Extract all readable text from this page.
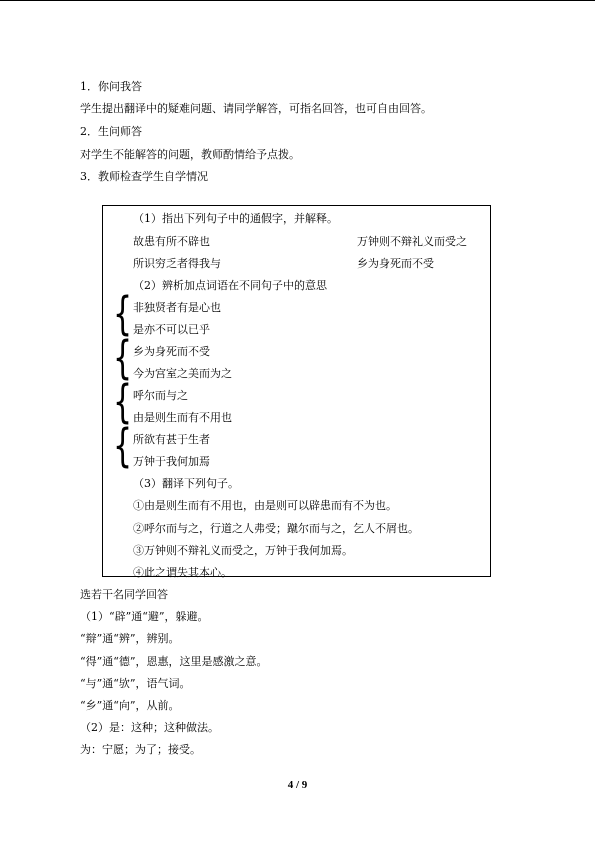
1．你问我答
学生提出翻译中的疑难问题、请同学解答，可指名回答，也可自由回答。
2．生问师答
对学生不能解答的问题，教师酌情给予点拨。
3．教师检查学生自学情况
（1）指出下列句子中的通假字，并解释。
故患有所不辟也	万钟则不辩礼义而受之
所识穷乏者得我与	乡为身死而不受
（2）辨析加点词语在不同句子中的意思
{ 非独贤者有是心也
是亦不可以已乎
{ 乡为身死而不受
今为宫室之美而为之
{ 呼尔而与之
由是则生而有不用也
{ 所欲有甚于生者
万钟于我何加焉
（3）翻译下列句子。
①由是则生而有不用也，由是则可以辟患而有不为也。
②呼尔而与之，行道之人弗受；蹴尔而与之，乞人不屑也。
③万钟则不辩礼义而受之，万钟于我何加焉。
④此之谓失其本心。
选若干名同学回答
（1）“辟”通“避”，躲避。
“辩”通“辨”，辨别。
“得”通“德”，恩惠，这里是感激之意。
“与”通“欤”，语气词。
“乡”通“向”，从前。
（2）是：这种；这种做法。
为：宁愿；为了；接受。
4 / 9
